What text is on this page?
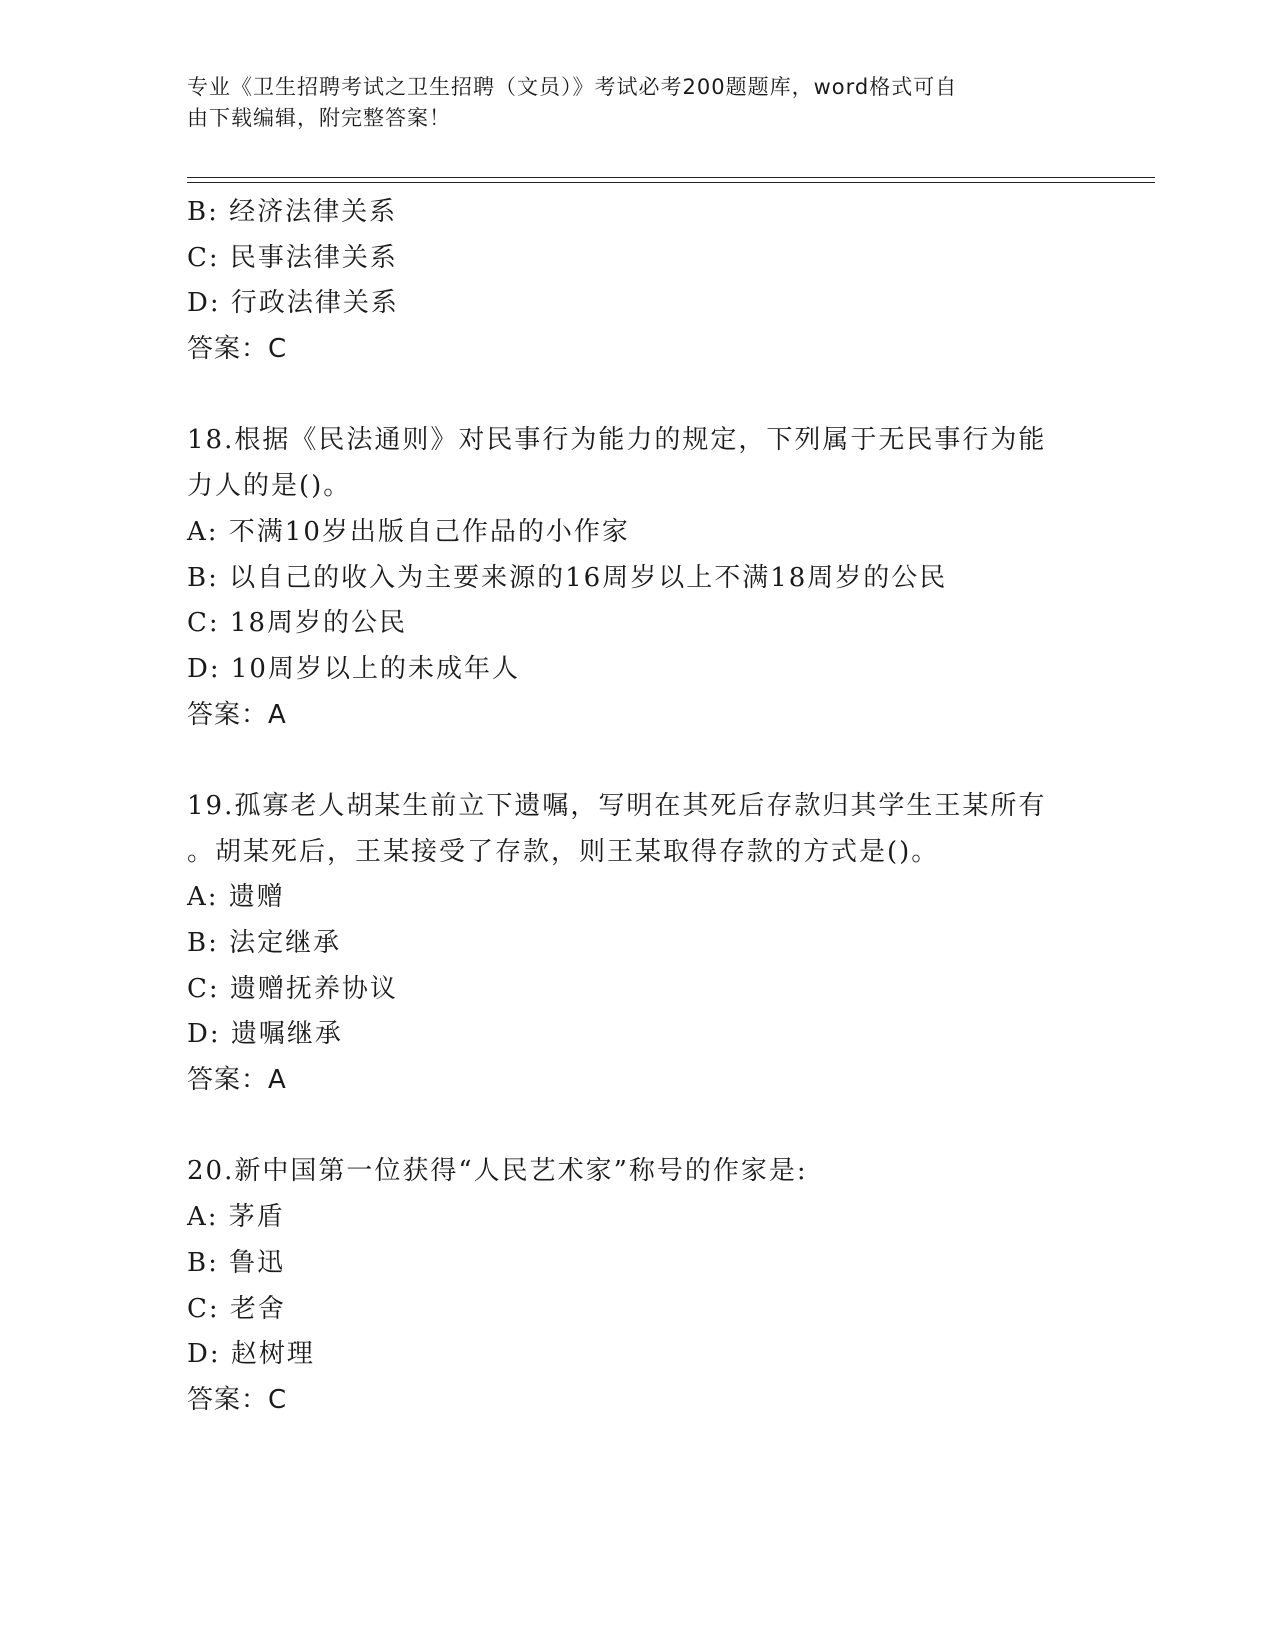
专业《卫生招聘考试之卫生招聘（文员）》考试必考200题题库，word格式可自
由下载编辑，附完整答案！
B: 经济法律关系
C: 民事法律关系
D: 行政法律关系
答案：C
18.根据《民法通则》对民事行为能力的规定，下列属于无民事行为能
力人的是()。
A: 不满10岁出版自己作品的小作家
B: 以自己的收入为主要来源的16周岁以上不满18周岁的公民
C: 18周岁的公民
D: 10周岁以上的未成年人
答案：A
19.孤寡老人胡某生前立下遗嘱，写明在其死后存款归其学生王某所有
。胡某死后，王某接受了存款，则王某取得存款的方式是()。
A: 遗赠
B: 法定继承
C: 遗赠抚养协议
D: 遗嘱继承
答案：A
20.新中国第一位获得“人民艺术家”称号的作家是:
A: 茅盾
B: 鲁迅
C: 老舍
D: 赵树理
答案：C
